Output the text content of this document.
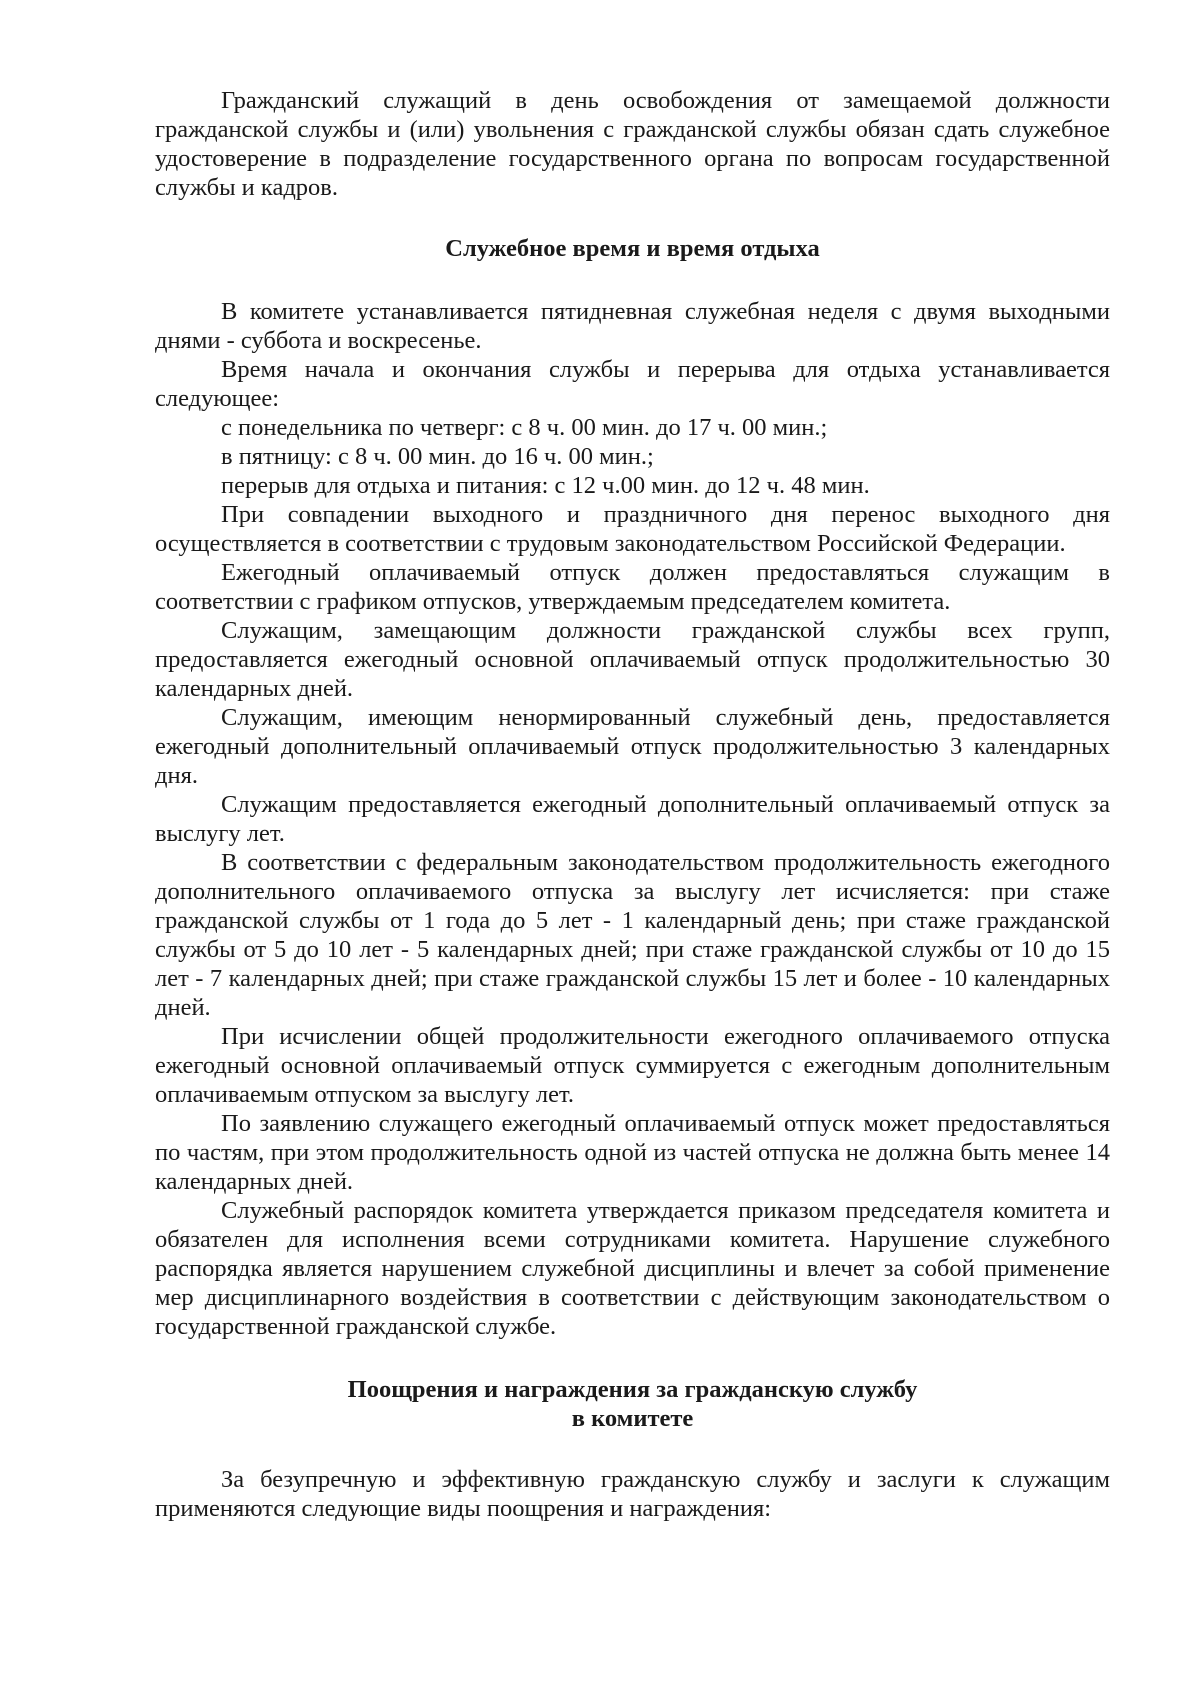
Гражданский служащий в день освобождения от замещаемой должности гражданской службы и (или) увольнения с гражданской службы обязан сдать служебное удостоверение в подразделение государственного органа по вопросам государственной службы и кадров.

Служебное время и время отдыха

В комитете устанавливается пятидневная служебная неделя с двумя выходными днями - суббота и воскресенье.

Время начала и окончания службы и перерыва для отдыха устанавливается следующее:

с понедельника по четверг: с 8 ч. 00 мин. до 17 ч. 00 мин.;

в пятницу: с 8 ч. 00 мин. до 16 ч. 00 мин.;

перерыв для отдыха и питания: с 12 ч.00 мин. до 12 ч. 48 мин.

При совпадении выходного и праздничного дня перенос выходного дня осуществляется в соответствии с трудовым законодательством Российской Федерации.

Ежегодный оплачиваемый отпуск должен предоставляться служащим в соответствии с графиком отпусков, утверждаемым председателем комитета.

Служащим, замещающим должности гражданской службы всех групп, предоставляется ежегодный основной оплачиваемый отпуск продолжительностью 30 календарных дней.

Служащим, имеющим ненормированный служебный день, предоставляется ежегодный дополнительный оплачиваемый отпуск продолжительностью 3 календарных дня.

Служащим предоставляется ежегодный дополнительный оплачиваемый отпуск за выслугу лет.

В соответствии с федеральным законодательством продолжительность ежегодного дополнительного оплачиваемого отпуска за выслугу лет исчисляется: при стаже гражданской службы от 1 года до 5 лет - 1 календарный день; при стаже гражданской службы от 5 до 10 лет - 5 календарных дней; при стаже гражданской службы от 10 до 15 лет - 7 календарных дней; при стаже гражданской службы 15 лет и более - 10 календарных дней.

При исчислении общей продолжительности ежегодного оплачиваемого отпуска ежегодный основной оплачиваемый отпуск суммируется с ежегодным дополнительным оплачиваемым отпуском за выслугу лет.

По заявлению служащего ежегодный оплачиваемый отпуск может предоставляться по частям, при этом продолжительность одной из частей отпуска не должна быть менее 14 календарных дней.

Служебный распорядок комитета утверждается приказом председателя комитета и обязателен для исполнения всеми сотрудниками комитета. Нарушение служебного распорядка является нарушением служебной дисциплины и влечет за собой применение мер дисциплинарного воздействия в соответствии с действующим законодательством о государственной гражданской службе.

Поощрения и награждения за гражданскую службу

в комитете

За безупречную и эффективную гражданскую службу и заслуги к служащим применяются следующие виды поощрения и награждения:
